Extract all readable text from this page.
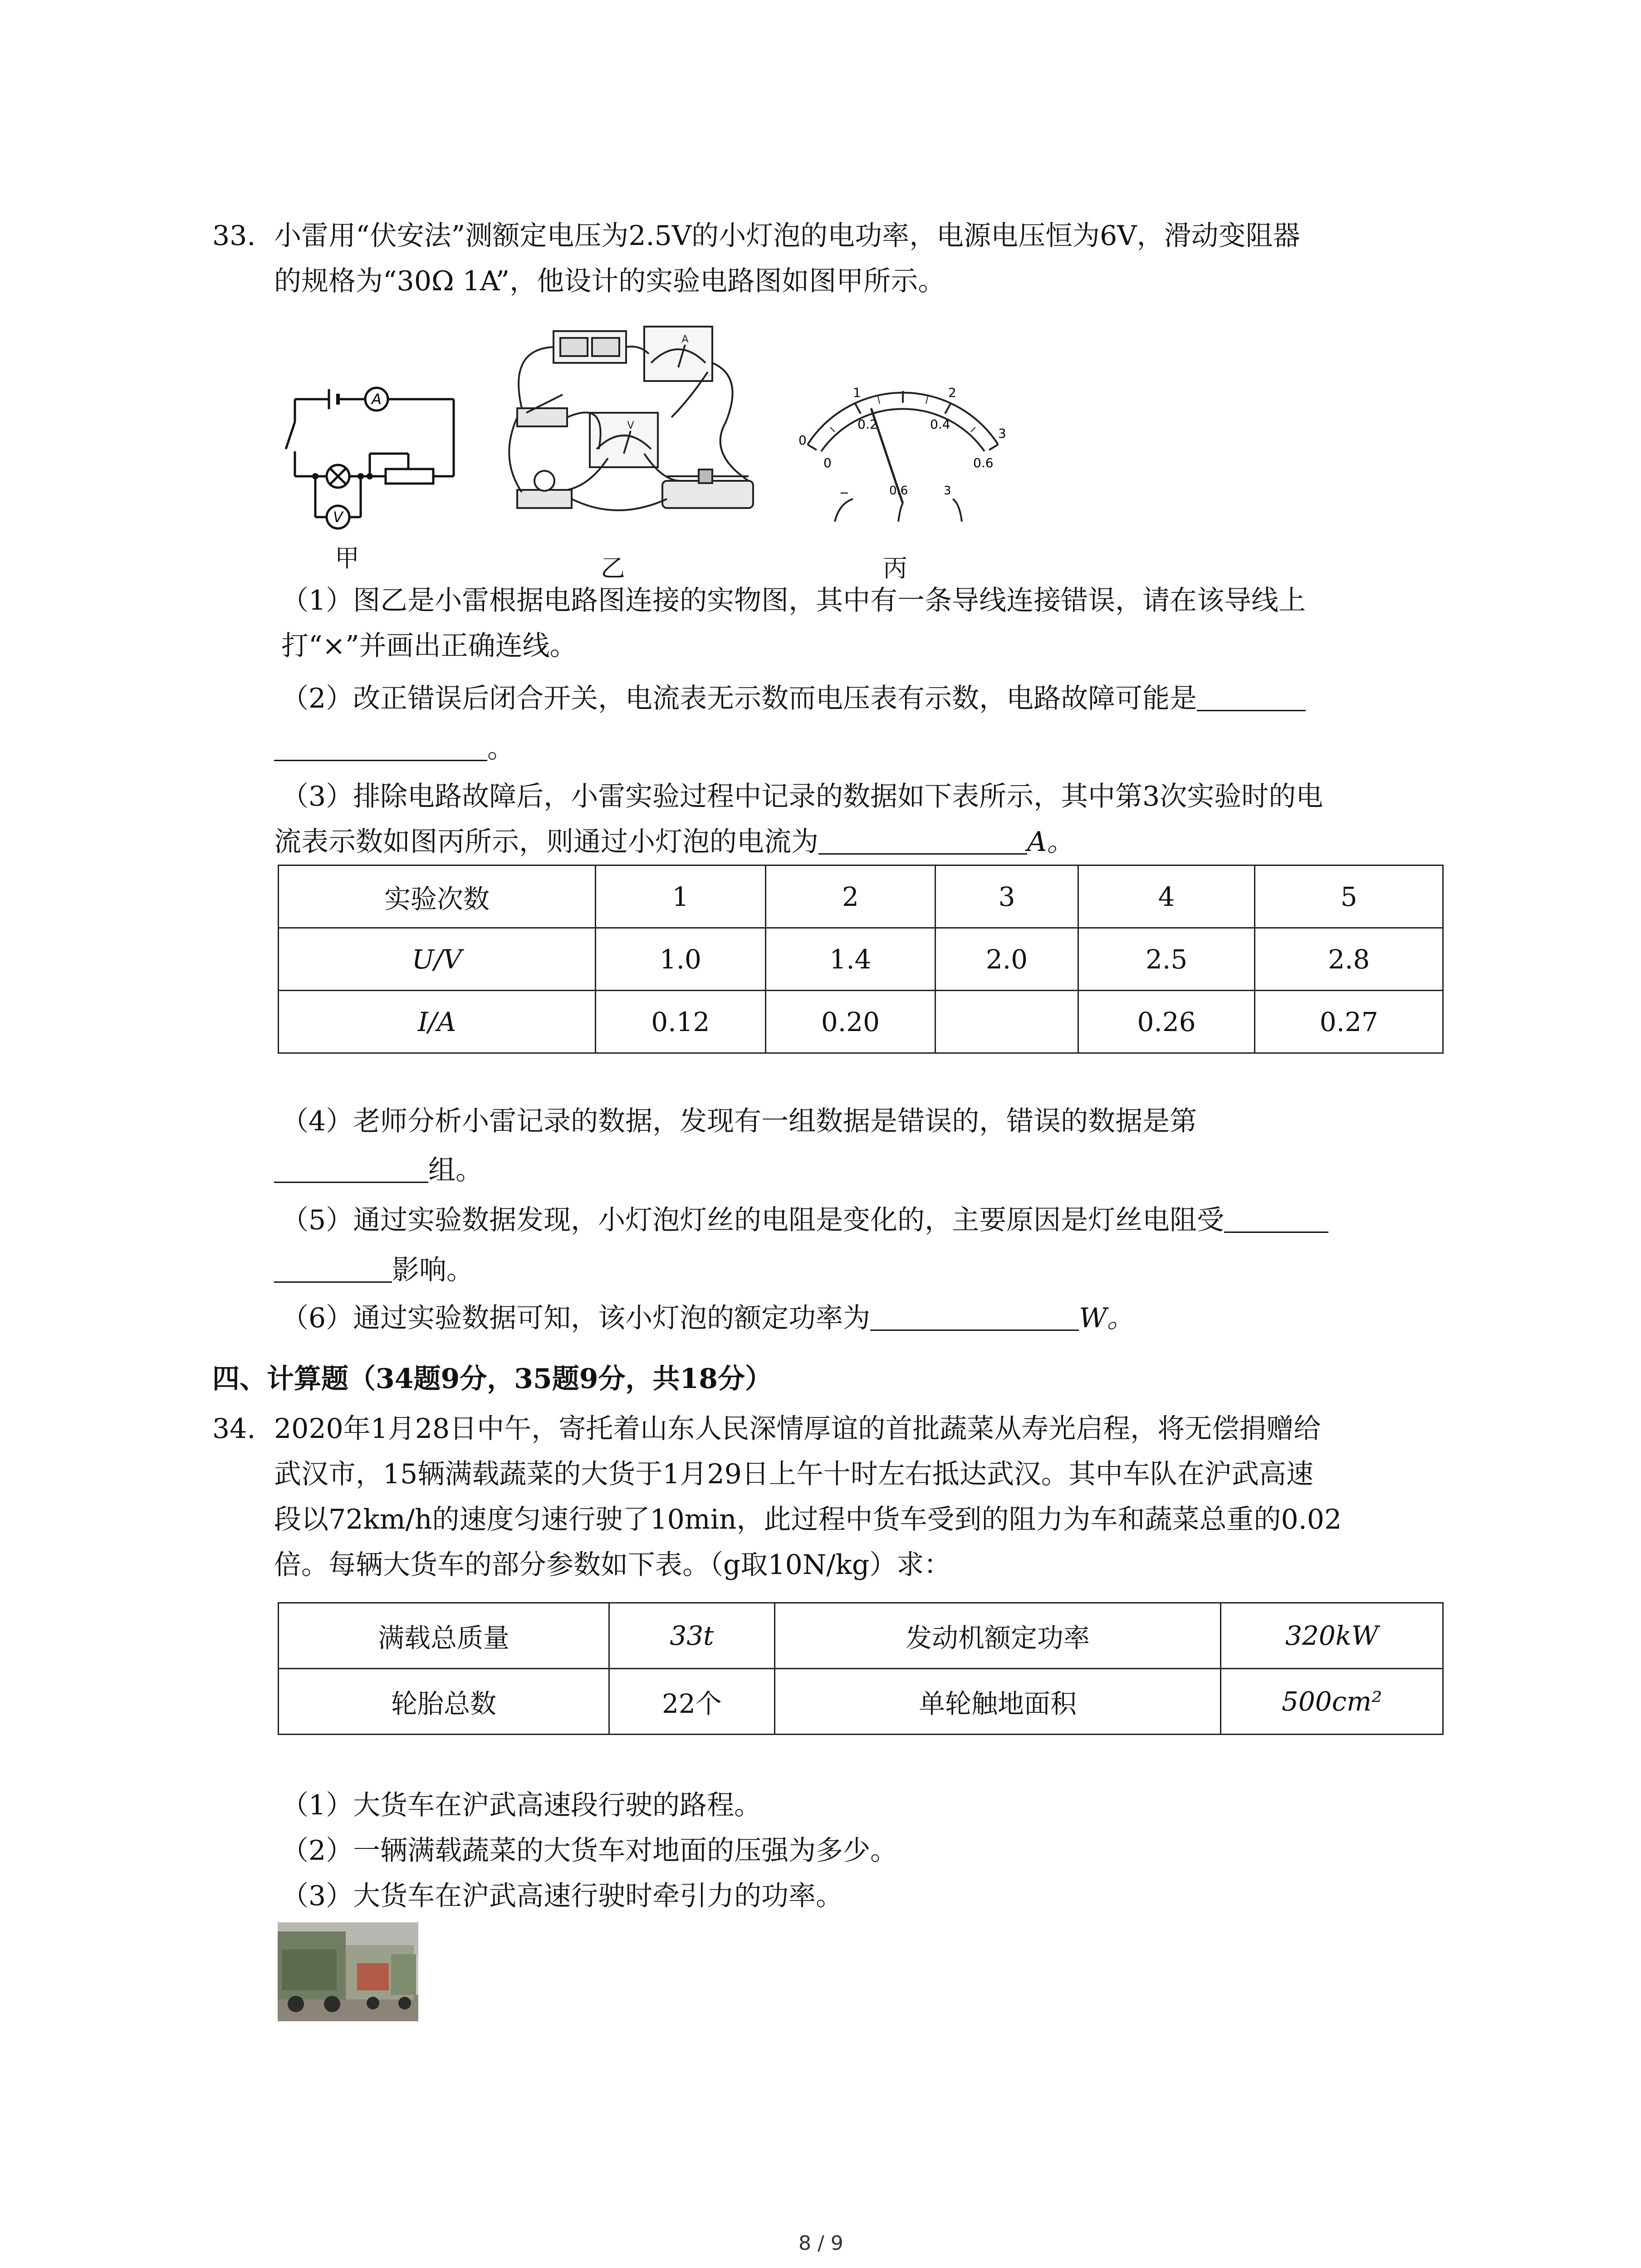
33. 小雷用“伏安法”测额定电压为2.5V的小灯泡的电功率，电源电压恒为6V，滑动变阻器
的规格为“30Ω 1A”，他设计的实验电路图如图甲所示。
A
V
甲
A
V
乙
0
1	2
3
0
0.2	0.4
0.6
−	0.6	3
丙
（1）图乙是小雷根据电路图连接的实物图，其中有一条导线连接错误，请在该导线上
打“×”并画出正确连线。
（2）改正错误后闭合开关，电流表无示数而电压表有示数，电路故障可能是
。
（3）排除电路故障后，小雷实验过程中记录的数据如下表所示，其中第3次实验时的电
流表示数如图丙所示，则通过小灯泡的电流为	A。
实验次数	1	2	3	4	5
U/V	1.0	1.4	2.0	2.5	2.8
I/A	0.12	0.20		0.26	0.27
（4）老师分析小雷记录的数据，发现有一组数据是错误的，错误的数据是第
组。
（5）通过实验数据发现，小灯泡灯丝的电阻是变化的，主要原因是灯丝电阻受
影响。
（6）通过实验数据可知，该小灯泡的额定功率为	W。
四、计算题（34题9分，35题9分，共18分）
34. 2020年1月28日中午，寄托着山东人民深情厚谊的首批蔬菜从寿光启程，将无偿捐赠给
武汉市，15辆满载蔬菜的大货于1月29日上午十时左右抵达武汉。其中车队在沪武高速
段以72km/h的速度匀速行驶了10min，此过程中货车受到的阻力为车和蔬菜总重的0.02
倍。每辆大货车的部分参数如下表。（g取10N/kg）求：
满载总质量	33t	发动机额定功率	320kW
轮胎总数	22个	单轮触地面积	500cm²
（1）大货车在沪武高速段行驶的路程。
（2）一辆满载蔬菜的大货车对地面的压强为多少。
（3）大货车在沪武高速行驶时牵引力的功率。
8 / 9
